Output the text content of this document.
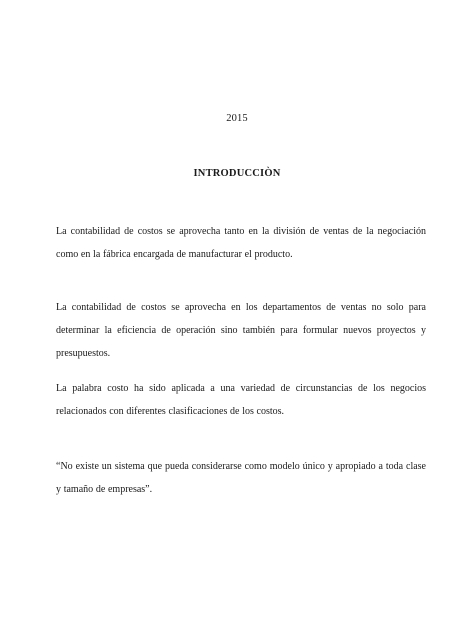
2015
INTRODUCCIÒN

La contabilidad de costos se aprovecha tanto en la división de ventas de la negociación como en la fábrica encargada de manufacturar el producto.

La contabilidad de costos se aprovecha en los departamentos de ventas no solo para determinar la eficiencia de operación sino también para formular nuevos proyectos y presupuestos.

La palabra costo ha sido aplicada a una variedad de circunstancias de los negocios relacionados con diferentes clasificaciones de los costos.

“No existe un sistema que pueda considerarse como modelo único y apropiado a toda clase y tamaño de empresas”.
